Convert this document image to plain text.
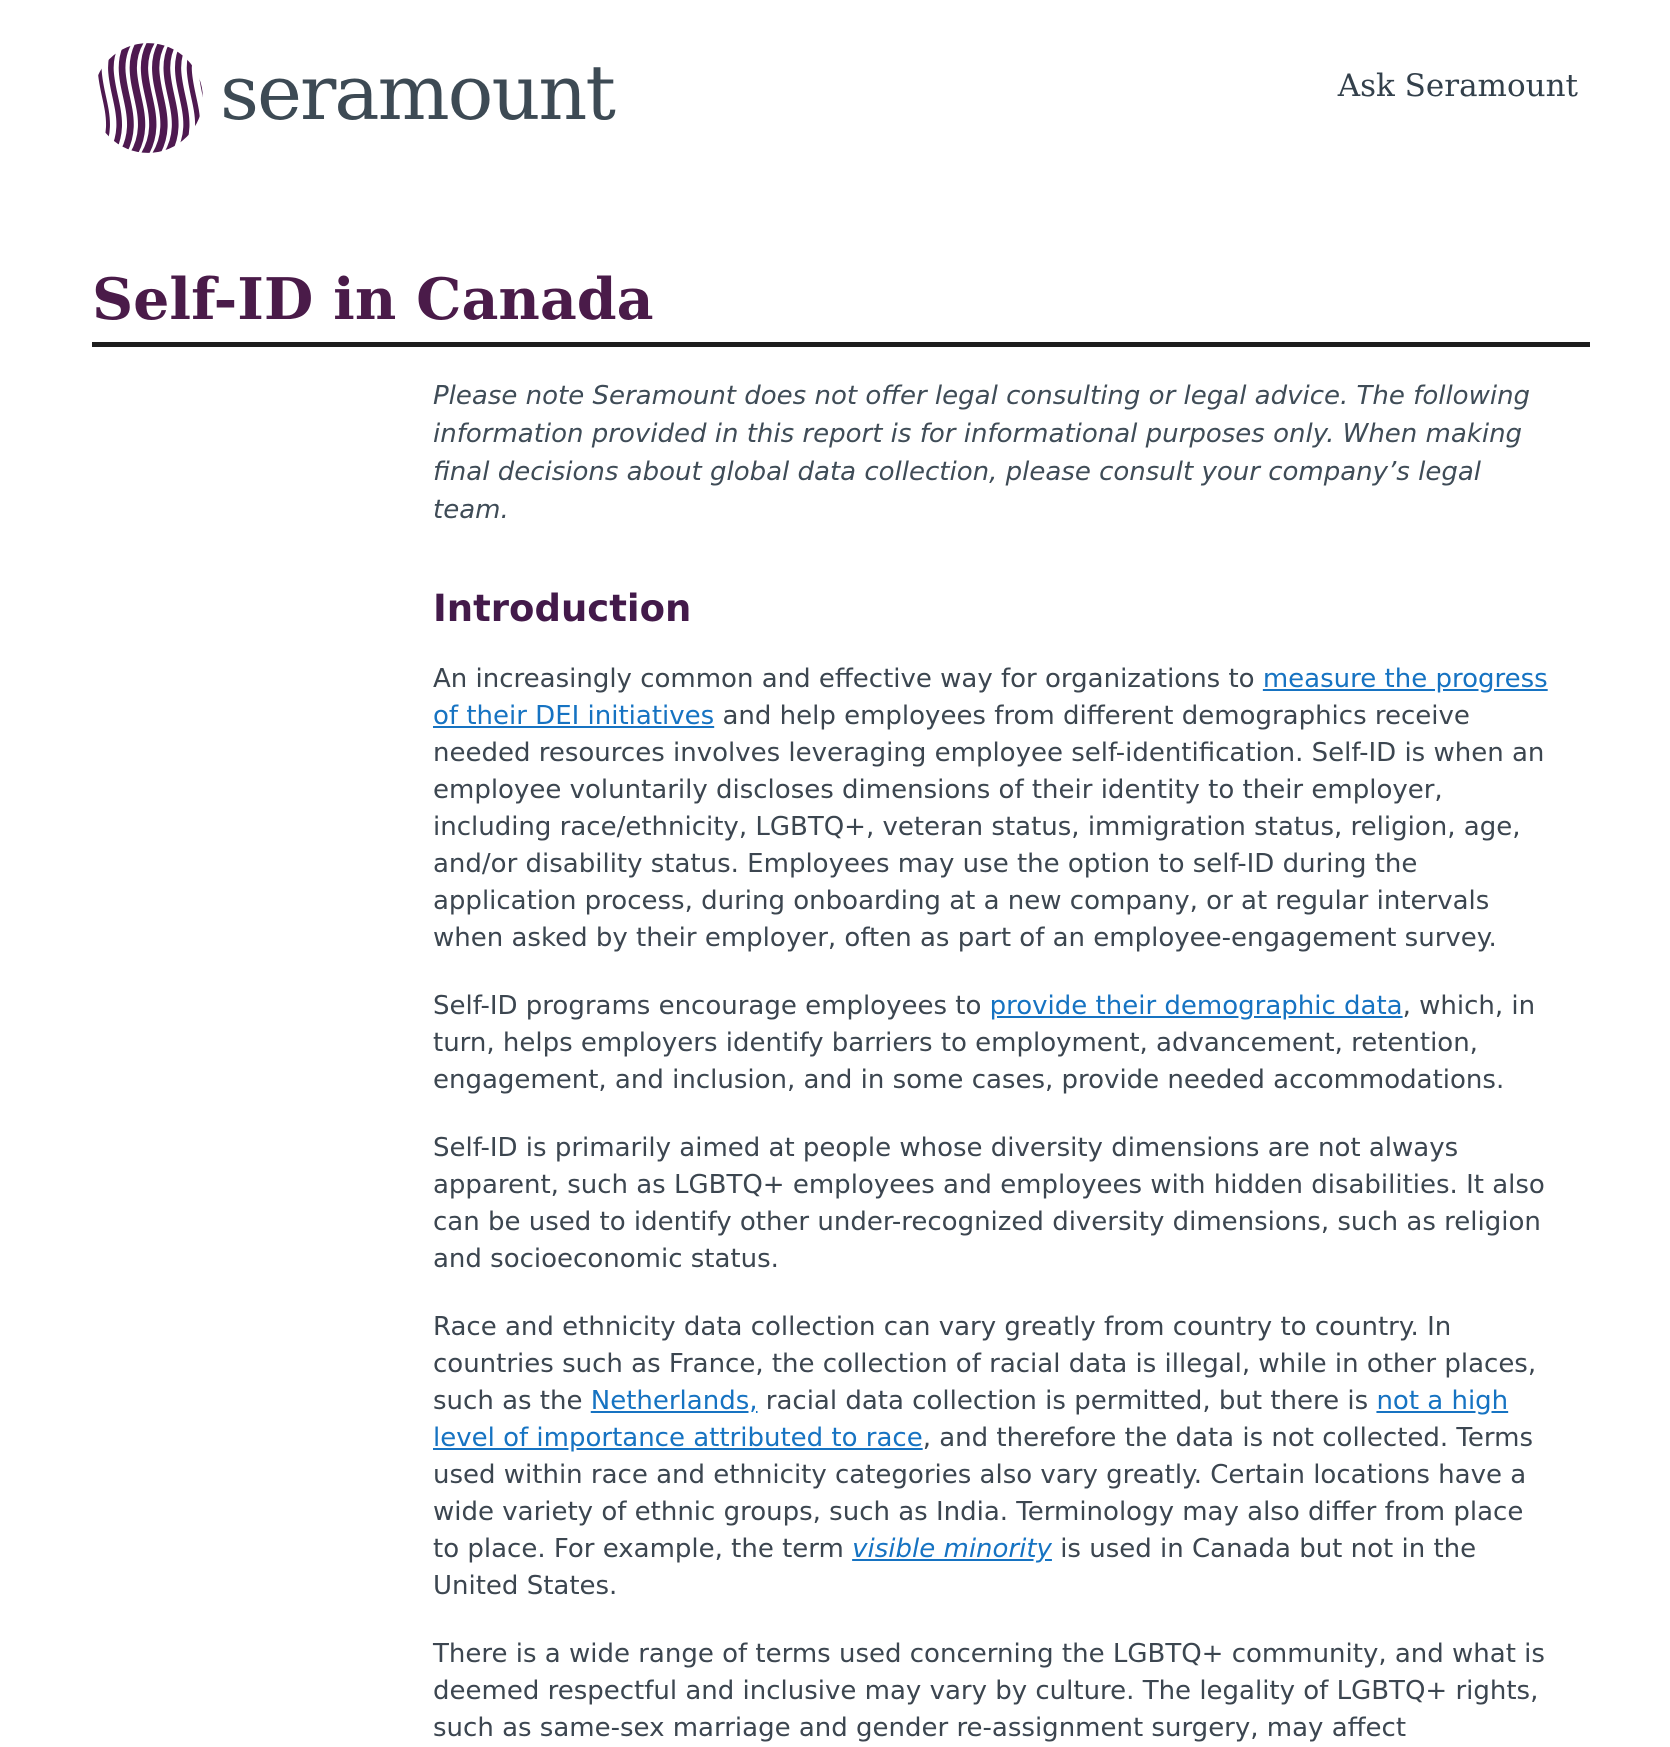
seramount	Ask Seramount
Self-ID in Canada

Please note Seramount does not offer legal consulting or legal advice. The following information provided in this report is for informational purposes only. When making final decisions about global data collection, please consult your company’s legal team.

Introduction

An increasingly common and effective way for organizations to measure the progress of their DEI initiatives and help employees from different demographics receive needed resources involves leveraging employee self-identification. Self-ID is when an employee voluntarily discloses dimensions of their identity to their employer, including race/ethnicity, LGBTQ+, veteran status, immigration status, religion, age, and/or disability status. Employees may use the option to self-ID during the application process, during onboarding at a new company, or at regular intervals when asked by their employer, often as part of an employee-engagement survey.

Self-ID programs encourage employees to provide their demographic data, which, in turn, helps employers identify barriers to employment, advancement, retention, engagement, and inclusion, and in some cases, provide needed accommodations.

Self-ID is primarily aimed at people whose diversity dimensions are not always apparent, such as LGBTQ+ employees and employees with hidden disabilities. It also can be used to identify other under-recognized diversity dimensions, such as religion and socioeconomic status.

Race and ethnicity data collection can vary greatly from country to country. In countries such as France, the collection of racial data is illegal, while in other places, such as the Netherlands, racial data collection is permitted, but there is not a high level of importance attributed to race, and therefore the data is not collected. Terms used within race and ethnicity categories also vary greatly. Certain locations have a wide variety of ethnic groups, such as India. Terminology may also differ from place to place. For example, the term visible minority is used in Canada but not in the United States.

There is a wide range of terms used concerning the LGBTQ+ community, and what is deemed respectful and inclusive may vary by culture. The legality of LGBTQ+ rights, such as same-sex marriage and gender re-assignment surgery, may affect
